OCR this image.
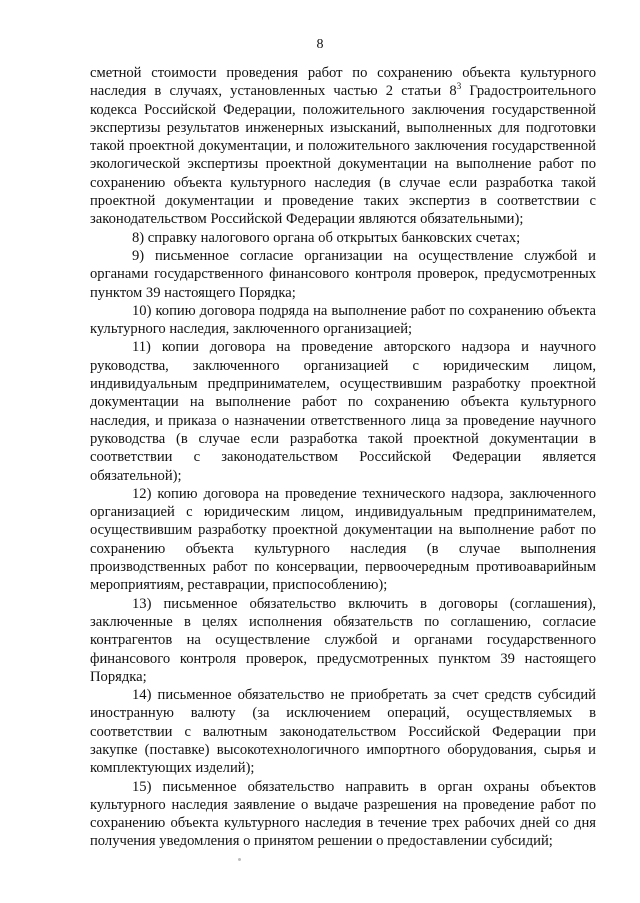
8

сметной стоимости проведения работ по сохранению объекта культурного наследия в случаях, установленных частью 2 статьи $8^3$ Градостроительного кодекса Российской Федерации, положительного заключения государственной экспертизы результатов инженерных изысканий, выполненных для подготовки такой проектной документации, и положительного заключения государственной экологической экспертизы проектной документации на выполнение работ по сохранению объекта культурного наследия (в случае если разработка такой проектной документации и проведение таких экспертиз в соответствии с законодательством Российской Федерации являются обязательными);

8) справку налогового органа об открытых банковских счетах;

9) письменное согласие организации на осуществление службой и органами государственного финансового контроля проверок, предусмотренных пунктом 39 настоящего Порядка;

10) копию договора подряда на выполнение работ по сохранению объекта культурного наследия, заключенного организацией;

11) копии договора на проведение авторского надзора и научного руководства, заключенного организацией с юридическим лицом, индивидуальным предпринимателем, осуществившим разработку проектной документации на выполнение работ по сохранению объекта культурного наследия, и приказа о назначении ответственного лица за проведение научного руководства (в случае если разработка такой проектной документации в соответствии с законодательством Российской Федерации является обязательной);

12) копию договора на проведение технического надзора, заключенного организацией с юридическим лицом, индивидуальным предпринимателем, осуществившим разработку проектной документации на выполнение работ по сохранению объекта культурного наследия (в случае выполнения производственных работ по консервации, первоочередным противоаварийным мероприятиям, реставрации, приспособлению);

13) письменное обязательство включить в договоры (соглашения), заключенные в целях исполнения обязательств по соглашению, согласие контрагентов на осуществление службой и органами государственного финансового контроля проверок, предусмотренных пунктом 39 настоящего Порядка;

14) письменное обязательство не приобретать за счет средств субсидий иностранную валюту (за исключением операций, осуществляемых в соответствии с валютным законодательством Российской Федерации при закупке (поставке) высокотехнологичного импортного оборудования, сырья и комплектующих изделий);

15) письменное обязательство направить в орган охраны объектов культурного наследия заявление о выдаче разрешения на проведение работ по сохранению объекта культурного наследия в течение трех рабочих дней со дня получения уведомления о принятом решении о предоставлении субсидий;
